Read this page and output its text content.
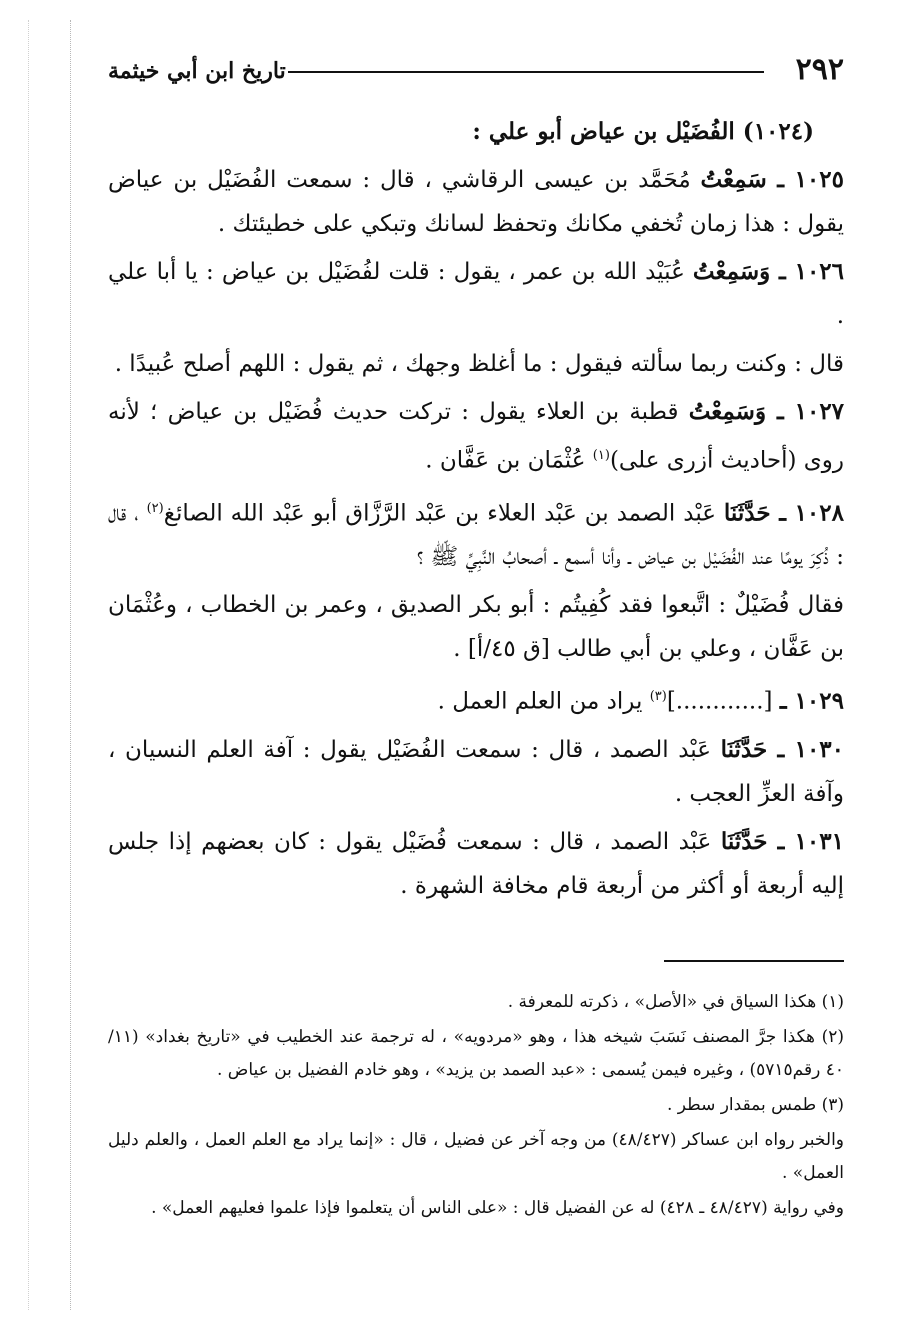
٢٩٢
تاريخ ابن أبي خيثمة

(١٠٢٤) الفُضَيْل بن عياض أبو علي :

١٠٢٥ ـ سَمِعْتُ مُحَمَّد بن عيسى الرقاشي ، قال : سمعت الفُضَيْل بن عياض يقول : هذا زمان تُخفي مكانك وتحفظ لسانك وتبكي على خطيئتك .

١٠٢٦ ـ وَسَمِعْتُ عُبَيْد الله بن عمر ، يقول : قلت لفُضَيْل بن عياض : يا أبا علي .

قال : وكنت ربما سألته فيقول : ما أغلظ وجهك ، ثم يقول : اللهم أصلح عُبيدًا .

١٠٢٧ ـ وَسَمِعْتُ قطبة بن العلاء يقول : تركت حديث فُضَيْل بن عياض ؛ لأنه روى (أحاديث أزرى على)$^{(١)}$ عُثْمَان بن عَفَّان .

١٠٢٨ ـ حَدَّثَنَا عَبْد الصمد بن عَبْد العلاء بن عَبْد الرَّزَّاق أبو عَبْد الله الصائغ$^{(٢)}$ ، قال : ذُكِرَ يومًا عند الفُضَيْل بن عياض ـ وأنا أسمع ـ أصحابُ النَّبِيِّ ﷺ ؟

فقال فُضَيْلٌ : اتَّبعوا فقد كُفِيتُم : أبو بكر الصديق ، وعمر بن الخطاب ، وعُثْمَان بن عَفَّان ، وعلي بن أبي طالب [ق ٤٥/أ] .

١٠٢٩ ـ [............]$^{(٣)}$ يراد من العلم العمل .

١٠٣٠ ـ حَدَّثَنَا عَبْد الصمد ، قال : سمعت الفُضَيْل يقول : آفة العلم النسيان ، وآفة العزِّ العجب .

١٠٣١ ـ حَدَّثَنَا عَبْد الصمد ، قال : سمعت فُضَيْل يقول : كان بعضهم إذا جلس إليه أربعة أو أكثر من أربعة قام مخافة الشهرة .

(١) هكذا السياق في «الأصل» ، ذكرته للمعرفة .

(٢) هكذا جرَّ المصنف نَسَبَ شيخه هذا ، وهو «مردويه» ، له ترجمة عند الخطيب في «تاريخ بغداد» (١١/ ٤٠ رقم٥٧١٥) ، وغيره فيمن يُسمى : «عبد الصمد بن يزيد» ، وهو خادم الفضيل بن عياض .

(٣) طمس بمقدار سطر .

والخبر رواه ابن عساكر (٤٨/٤٢٧) من وجه آخر عن فضيل ، قال : «إنما يراد مع العلم العمل ، والعلم دليل العمل» .

وفي رواية (٤٨/٤٢٧ ـ ٤٢٨) له عن الفضيل قال : «على الناس أن يتعلموا فإذا علموا فعليهم العمل» .
